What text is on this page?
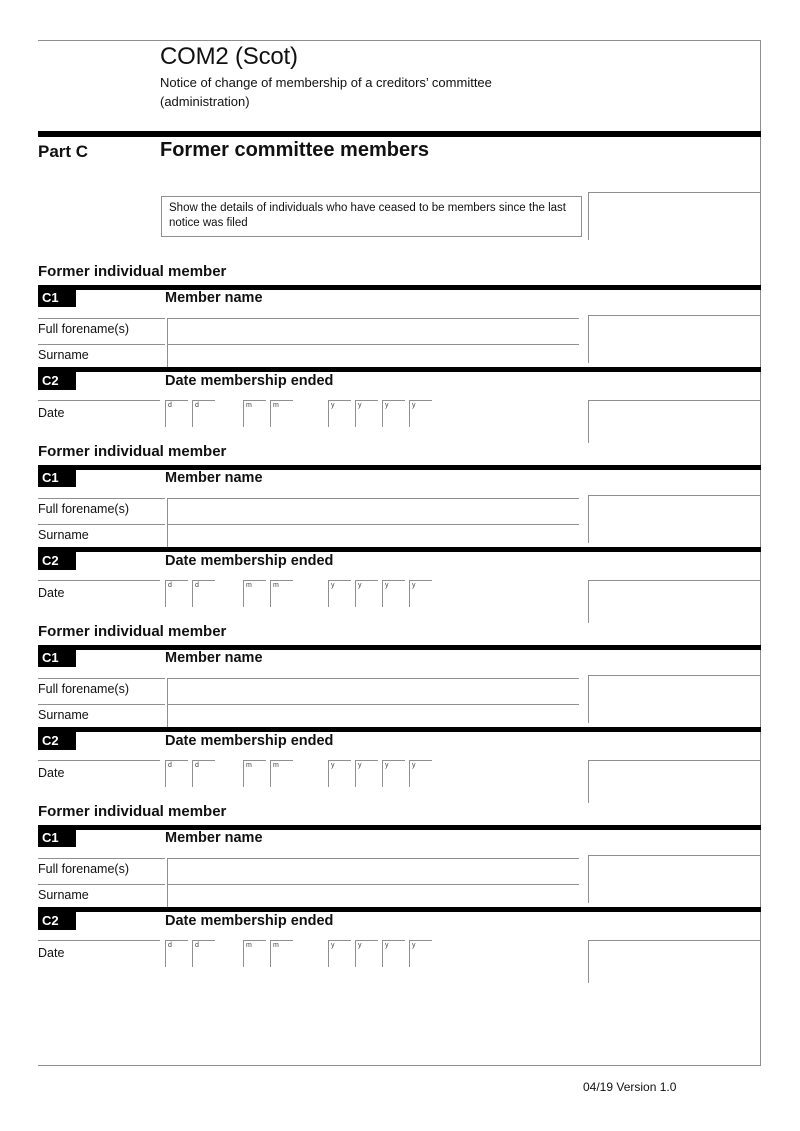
COM2 (Scot)
Notice of change of membership of a creditors’ committee
(administration)
Part C	Former committee members
Show the details of individuals who have ceased to be members since the last notice was filed
Former individual member
C1	Member name
Full forename(s)
Surname
C2	Date membership ended
Date
d	d	m	m	y	y	y	y
Former individual member
C1	Member name
Full forename(s)
Surname
C2	Date membership ended
Date
d	d	m	m	y	y	y	y
Former individual member
C1	Member name
Full forename(s)
Surname
C2	Date membership ended
Date
d	d	m	m	y	y	y	y
Former individual member
C1	Member name
Full forename(s)
Surname
C2	Date membership ended
Date
d	d	m	m	y	y	y	y
04/19 Version 1.0
